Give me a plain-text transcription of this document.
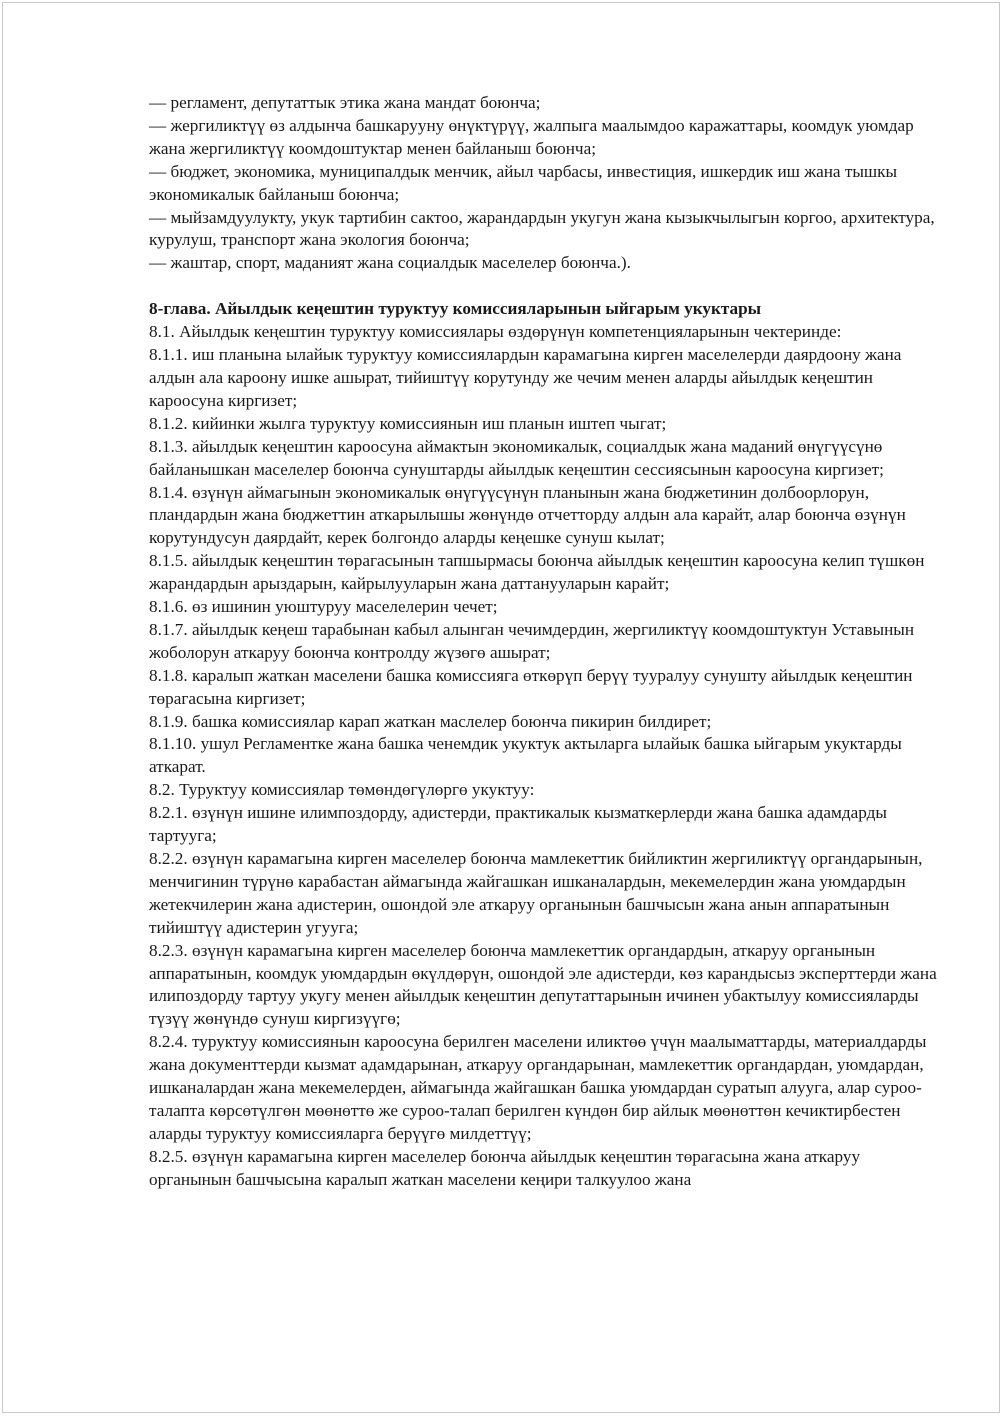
— регламент, депутаттык этика жана мандат боюнча;

— жергиликтүү өз алдынча башкарууну өнүктүрүү, жалпыга маалымдоо каражаттары, коомдук уюмдар жана жергиликтүү коомдоштуктар менен байланыш боюнча;

— бюджет, экономика, муниципалдык менчик, айыл чарбасы, инвестиция, ишкердик иш жана тышкы экономикалык байланыш боюнча;

— мыйзамдуулукту, укук тартибин сактоо, жарандардын укугун жана кызыкчылыгын коргоо, архитектура, курулуш, транспорт жана экология боюнча;

— жаштар, спорт, маданият жана социалдык маселелер боюнча.).

8-глава. Айылдык кеңештин туруктуу комиссияларынын ыйгарым укуктары

8.1. Айылдык кеңештин туруктуу комиссиялары өздөрүнүн компетенцияларынын чектеринде:

8.1.1. иш планына ылайык туруктуу комиссиялардын карамагына кирген маселелерди даярдоону жана алдын ала кароону ишке ашырат, тийиштүү корутунду же чечим менен аларды айылдык кеңештин кароосуна киргизет;

8.1.2. кийинки жылга туруктуу комиссиянын иш планын иштеп чыгат;

8.1.3. айылдык кеңештин кароосуна аймактын экономикалык, социалдык жана маданий өнүгүүсүнө байланышкан маселелер боюнча сунуштарды айылдык кеңештин сессиясынын кароосуна киргизет;

8.1.4. өзүнүн аймагынын экономикалык өнүгүүсүнүн планынын жана бюджетинин долбоорлорун, пландардын жана бюджеттин аткарылышы жөнүндө отчетторду алдын ала карайт, алар боюнча өзүнүн корутундусун даярдайт, керек болгондо аларды кеңешке сунуш кылат;

8.1.5. айылдык кеңештин төрагасынын тапшырмасы боюнча айылдык кеңештин кароосуна келип түшкөн жарандардын арыздарын, кайрылууларын жана даттанууларын карайт;

8.1.6. өз ишинин уюштуруу маселелерин чечет;

8.1.7. айылдык кеңеш тарабынан кабыл алынган чечимдердин, жергиликтүү коомдоштуктун Уставынын жоболорун аткаруу боюнча контролду жүзөгө ашырат;

8.1.8. каралып жаткан маселени башка комиссияга өткөрүп берүү тууралуу сунушту айылдык кеңештин төрагасына киргизет;

8.1.9. башка комиссиялар карап жаткан маслелер боюнча пикирин билдирет;

8.1.10. ушул Регламентке жана башка ченемдик укуктук актыларга ылайык башка ыйгарым укуктарды аткарат.

8.2. Туруктуу комиссиялар төмөндөгүлөргө укуктуу:

8.2.1. өзүнүн ишине илимпоздорду, адистерди, практикалык кызматкерлерди жана башка адамдарды тартууга;

8.2.2. өзүнүн карамагына кирген маселелер боюнча мамлекеттик бийликтин жергиликтүү органдарынын, менчигинин түрүнө карабастан аймагында жайгашкан ишканалардын, мекемелердин жана уюмдардын жетекчилерин жана адистерин, ошондой эле аткаруу органынын башчысын жана анын аппаратынын тийиштүү адистерин угууга;

8.2.3. өзүнүн карамагына кирген маселелер боюнча мамлекеттик органдардын, аткаруу органынын аппаратынын, коомдук уюмдардын өкүлдөрүн, ошондой эле адистерди, көз карандысыз эксперттерди жана илипоздорду тартуу укугу менен айылдык кеңештин депутаттарынын ичинен убактылуу комиссияларды түзүү жөнүндө сунуш киргизүүгө;

8.2.4. туруктуу комиссиянын кароосуна берилген маселени иликтөө үчүн маалыматтарды, материалдарды жана документтерди кызмат адамдарынан, аткаруу органдарынан, мамлекеттик органдардан, уюмдардан, ишканалардан жана мекемелерден, аймагында жайгашкан башка уюмдардан суратып алууга, алар суроо-талапта көрсөтүлгөн мөөнөттө же суроо-талап берилген күндөн бир айлык мөөнөттөн кечиктирбестен аларды туруктуу комиссияларга берүүгө милдеттүү;

8.2.5. өзүнүн карамагына кирген маселелер боюнча айылдык кеңештин төрагасына жана аткаруу органынын башчысына каралып жаткан маселени кеңири талкуулоо жана
